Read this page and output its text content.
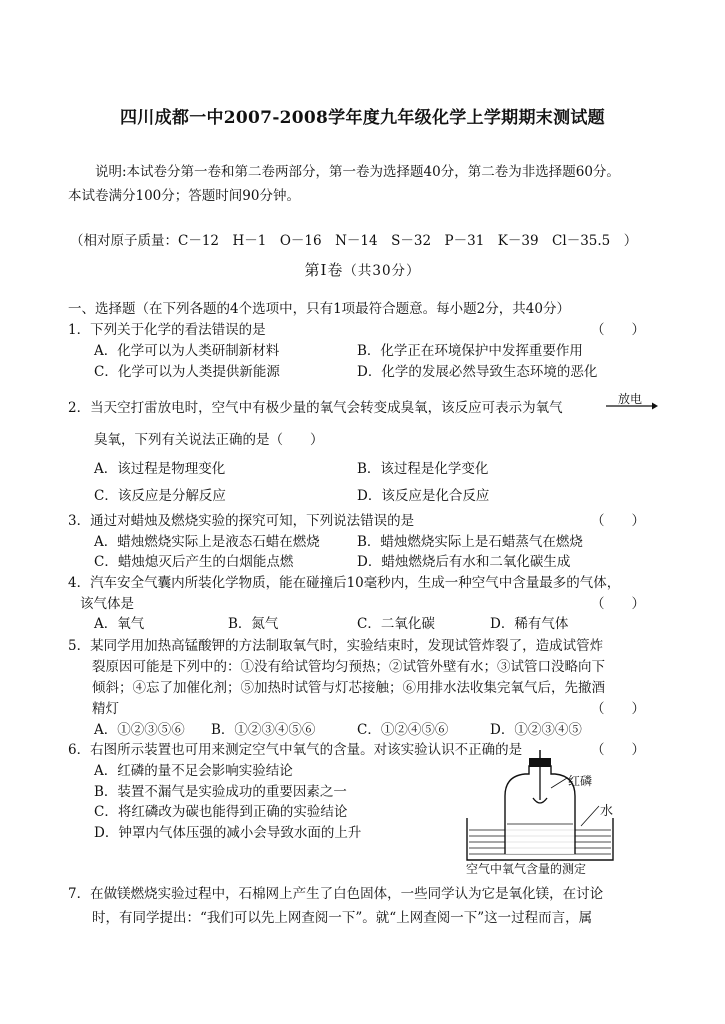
四川成都一中2007-2008学年度九年级化学上学期期末测试题
说明:本试卷分第一卷和第二卷两部分，第一卷为选择题40分，第二卷为非选择题60分。
本试卷满分100分；答题时间90分钟。
（相对原子质量：C－12　H－1　O－16　N－14　S－32　P－31　K－39　Cl－35.5　）
第Ⅰ卷（共30分）
一、选择题（在下列各题的4个选项中，只有1项最符合题意。每小题2分，共40分）
1．下列关于化学的看法错误的是	（　　）
A．化学可以为人类研制新材料	B．化学正在环境保护中发挥重要作用
C．化学可以为人类提供新能源	D．化学的发展必然导致生态环境的恶化
2．当天空打雷放电时，空气中有极少量的氧气会转变成臭氧，该反应可表示为氧气
放电
臭氧，下列有关说法正确的是（　　）
A．该过程是物理变化	B．该过程是化学变化
C．该反应是分解反应	D．该反应是化合反应
3．通过对蜡烛及燃烧实验的探究可知，下列说法错误的是	（　　）
A．蜡烛燃烧实际上是液态石蜡在燃烧	B．蜡烛燃烧实际上是石蜡蒸气在燃烧
C．蜡烛熄灭后产生的白烟能点燃	D．蜡烛燃烧后有水和二氧化碳生成
4．汽车安全气囊内所装化学物质，能在碰撞后10毫秒内，生成一种空气中含量最多的气体，
该气体是	（　　）
A．氧气	B．氮气	C．二氧化碳	D．稀有气体
5．某同学用加热高锰酸钾的方法制取氧气时，实验结束时，发现试管炸裂了，造成试管炸
裂原因可能是下列中的：①没有给试管均匀预热；②试管外壁有水；③试管口没略向下
倾斜；④忘了加催化剂；⑤加热时试管与灯芯接触；⑥用排水法收集完氧气后，先撤酒
精灯	（　　）
A．①②③⑤⑥ B．①②③④⑤⑥	C．①②④⑤⑥	D．①②③④⑤
6．右图所示装置也可用来测定空气中氧气的含量。对该实验认识不正确的是	（　　）
A．红磷的量不足会影响实验结论
B．装置不漏气是实验成功的重要因素之一
C．将红磷改为碳也能得到正确的实验结论
D．钟罩内气体压强的减小会导致水面的上升
红磷
水
空气中氧气含量的测定
7．在做镁燃烧实验过程中，石棉网上产生了白色固体，一些同学认为它是氧化镁，在讨论
时，有同学提出：“我们可以先上网查阅一下”。就“上网查阅一下”这一过程而言，属
